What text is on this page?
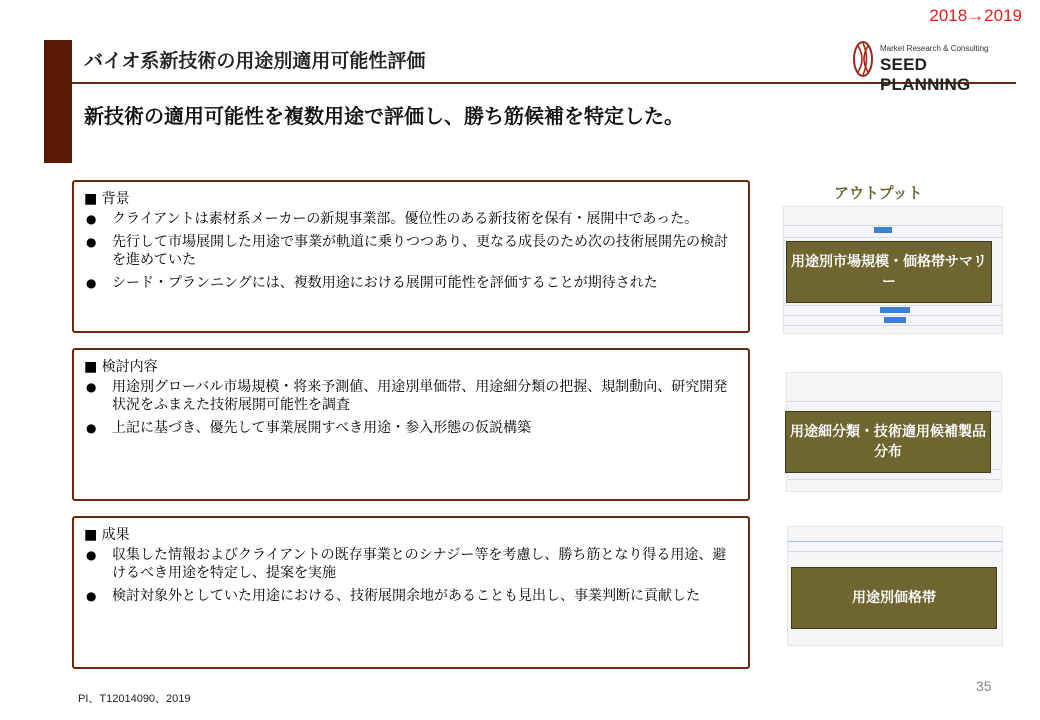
2018→2019
バイオ系新技術の用途別適用可能性評価
新技術の適用可能性を複数用途で評価し、勝ち筋候補を特定した。
Market Research & Consulting
SEED PLANNING
■ 背景
● クライアントは素材系メーカーの新規事業部。優位性のある新技術を保有・展開中であった。
● 先行して市場展開した用途で事業が軌道に乗りつつあり、更なる成長のため次の技術展開先の検討を進めていた
● シード・プランニングには、複数用途における展開可能性を評価することが期待された
■ 検討内容
● 用途別グローバル市場規模・将来予測値、用途別単価帯、用途細分類の把握、規制動向、研究開発状況をふまえた技術展開可能性を調査
● 上記に基づき、優先して事業展開すべき用途・参入形態の仮説構築
■ 成果
● 収集した情報およびクライアントの既存事業とのシナジー等を考慮し、勝ち筋となり得る用途、避けるべき用途を特定し、提案を実施
● 検討対象外としていた用途における、技術展開余地があることも見出し、事業判断に貢献した
アウトプット
用途別市場規模・価格帯サマリー
用途細分類・技術適用候補製品分布
用途別価格帯
PI、T12014090、2019
35
